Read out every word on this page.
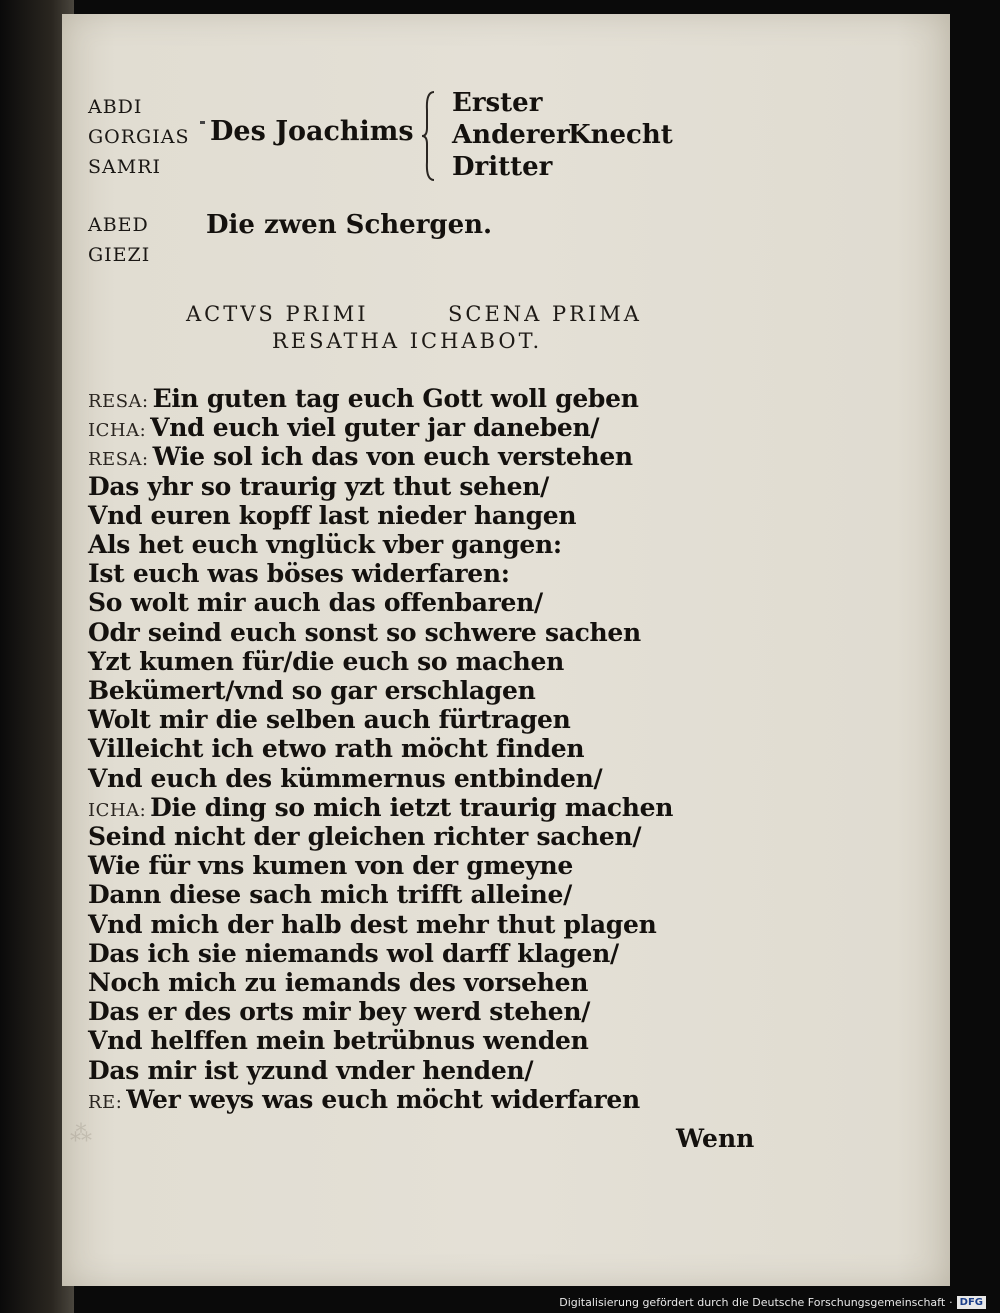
ABDI
GORGIAS
SAMRI
Des Joachims
Erster
Anderer
Knecht
Dritter
ABED
GIEZI
Die zwen Schergen.
ACTVS PRIMI	SCENA PRIMA
RESATHA ICHABOT.
RESA: Ein guten tag euch Gott woll geben
ICHA: Vnd euch viel guter jar daneben/
RESA: Wie sol ich das von euch verstehen
Das yhr so traurig yzt thut sehen/
Vnd euren kopff last nieder hangen
Als het euch vnglück vber gangen:
Ist euch was böses widerfaren:
So wolt mir auch das offenbaren/
Odr seind euch sonst so schwere sachen
Yzt kumen für/die euch so machen
Bekümert/vnd so gar erschlagen
Wolt mir die selben auch fürtragen
Villeicht ich etwo rath möcht finden
Vnd euch des kümmernus entbinden/
ICHA: Die ding so mich ietzt traurig machen
Seind nicht der gleichen richter sachen/
Wie für vns kumen von der gmeyne
Dann diese sach mich trifft alleine/
Vnd mich der halb dest mehr thut plagen
Das ich sie niemands wol darff klagen/
Noch mich zu iemands des vorsehen
Das er des orts mir bey werd stehen/
Vnd helffen mein betrübnus wenden
Das mir ist yzund vnder henden/
RE: Wer weys was euch möcht widerfaren
⁂	Wenn
Digitalisierung gefördert durch die Deutsche Forschungsgemeinschaft · DFG
